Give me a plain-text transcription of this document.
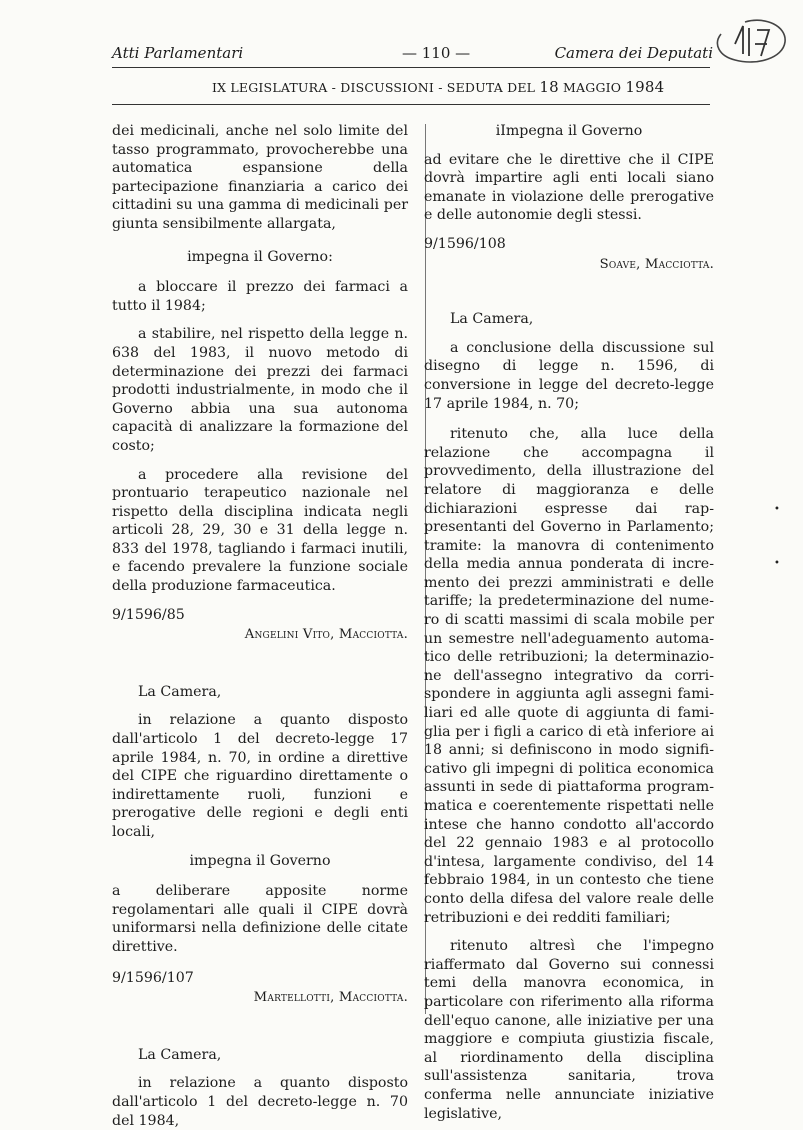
Atti Parlamentari	— 110 —	Camera dei Deputati
IX LEGISLATURA - DISCUSSIONI - SEDUTA DEL 18 MAGGIO 1984

dei medicinali, anche nel solo limite del tasso programmato, provocherebbe una automatica espansione della partecipazione finanziaria a carico dei cittadini su una gamma di medicinali per giunta sensibilmente allargata,

impegna il Governo:

a bloccare il prezzo dei farmaci a tutto il 1984;

a stabilire, nel rispetto della legge n. 638 del 1983, il nuovo metodo di determinazione dei prezzi dei farmaci prodotti industrialmente, in modo che il Governo abbia una sua autonoma capacità di analizzare la formazione del costo;

a procedere alla revisione del prontuario terapeutico nazionale nel rispetto della disciplina indicata negli articoli 28, 29, 30 e 31 della legge n. 833 del 1978, tagliando i farmaci inutili, e facendo prevalere la funzione sociale della produzione farmaceutica.

9/1596/85

Angelini Vito, Macciotta.

La Camera,

in relazione a quanto disposto dall'articolo 1 del decreto-legge 17 aprile 1984, n. 70, in ordine a direttive del CIPE che riguardino direttamente o indirettamente ruoli, funzioni e prerogative delle regioni e degli enti locali,

impegna il Governo

a deliberare apposite norme regolamentari alle quali il CIPE dovrà uniformarsi nella definizione delle citate direttive.

9/1596/107

Martellotti, Macciotta.

La Camera,

in relazione a quanto disposto dall'articolo 1 del decreto-legge n. 70 del 1984,

iImpegna il Governo

ad evitare che le direttive che il CIPE dovrà impartire agli enti locali siano emanate in violazione delle prerogative e delle autonomie degli stessi.

9/1596/108

Soave, Macciotta.

La Camera,

a conclusione della discussione sul disegno di legge n. 1596, di conversione in legge del decreto-legge 17 aprile 1984, n. 70;

ritenuto che, alla luce della relazione che accompagna il provvedimento, della illustrazione del relatore di maggioranza e delle dichiarazioni espresse dai rappresentanti del Governo in Parlamento; tramite: la manovra di contenimento della media annua ponderata di incremento dei prezzi amministrati e delle tariffe; la predeterminazione del numero di scatti massimi di scala mobile per un semestre nell'adeguamento automatico delle retribuzioni; la determinazione dell'assegno integrativo da corrispondere in aggiunta agli assegni familiari ed alle quote di aggiunta di famiglia per i figli a carico di età inferiore ai 18 anni; si definiscono in modo significativo gli impegni di politica economica assunti in sede di piattaforma programmatica e coerentemente rispettati nelle intese che hanno condotto all'accordo del 22 gennaio 1983 e al protocollo d'intesa, largamente condiviso, del 14 febbraio 1984, in un contesto che tiene conto della difesa del valore reale delle retribuzioni e dei redditi familiari;

ritenuto altresì che l'impegno riaffermato dal Governo sui connessi temi della manovra economica, in particolare con riferimento alla riforma dell'equo canone, alle iniziative per una maggiore e compiuta giustizia fiscale, al riordinamento della disciplina sull'assistenza sanitaria, trova conferma nelle annunciate iniziative legislative,

•
•
